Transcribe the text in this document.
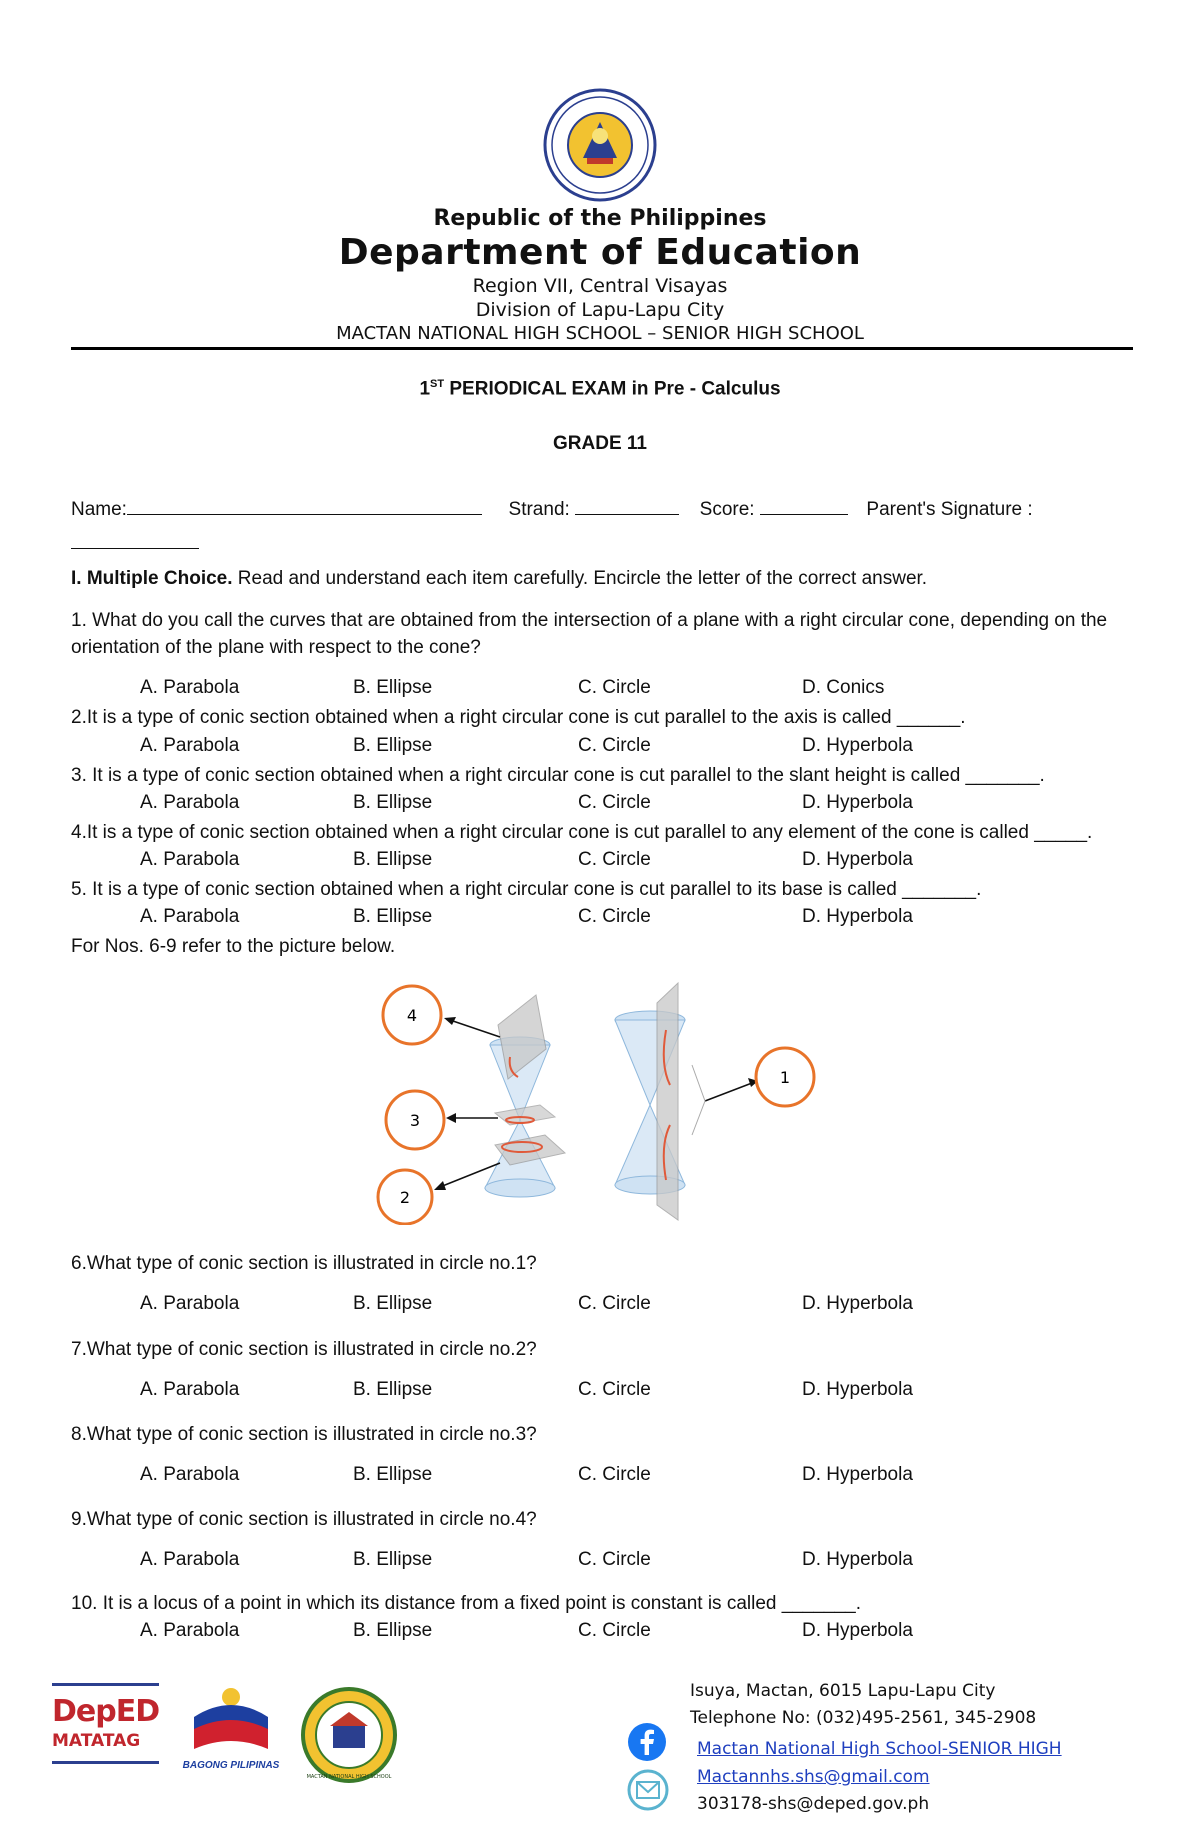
Republic of the Philippines
Department of Education
Region VII, Central Visayas
Division of Lapu-Lapu City
MACTAN NATIONAL HIGH SCHOOL – SENIOR HIGH SCHOOL
1ST PERIODICAL EXAM in Pre - Calculus
GRADE 11
Name:	Strand:	Score:	Parent's Signature :
I. Multiple Choice. Read and understand each item carefully. Encircle the letter of the correct answer.
1. What do you call the curves that are obtained from the intersection of a plane with a right circular cone, depending on the orientation of the plane with respect to the cone?
A. Parabola	B. Ellipse	C. Circle	D. Conics
2.It is a type of conic section obtained when a right circular cone is cut parallel to the axis is called ______.
A. Parabola	B. Ellipse	C. Circle	D. Hyperbola
3. It is a type of conic section obtained when a right circular cone is cut parallel to the slant height is called _______.
A. Parabola	B. Ellipse	C. Circle	D. Hyperbola
4.It is a type of conic section obtained when a right circular cone is cut parallel to any element of the cone is called _____.
A. Parabola	B. Ellipse	C. Circle	D. Hyperbola
5. It is a type of conic section obtained when a right circular cone is cut parallel to its base is called _______.
A. Parabola	B. Ellipse	C. Circle	D. Hyperbola
For Nos. 6-9 refer to the picture below.
4
3
2
1
6.What type of conic section is illustrated in circle no.1?
A. Parabola	B. Ellipse	C. Circle	D. Hyperbola
7.What type of conic section is illustrated in circle no.2?
A. Parabola	B. Ellipse	C. Circle	D. Hyperbola
8.What type of conic section is illustrated in circle no.3?
A. Parabola	B. Ellipse	C. Circle	D. Hyperbola
9.What type of conic section is illustrated in circle no.4?
A. Parabola	B. Ellipse	C. Circle	D. Hyperbola
10. It is a locus of a point in which its distance from a fixed point is constant is called _______.
A. Parabola	B. Ellipse	C. Circle	D. Hyperbola
DepED
MATATAG
BAGONG PILIPINAS
MACTAN NATIONAL HIGH SCHOOL
Isuya, Mactan, 6015 Lapu-Lapu City
Telephone No: (032)495-2561, 345-2908
Mactan National High School-SENIOR HIGH
Mactannhs.shs@gmail.com
303178-shs@deped.gov.ph
